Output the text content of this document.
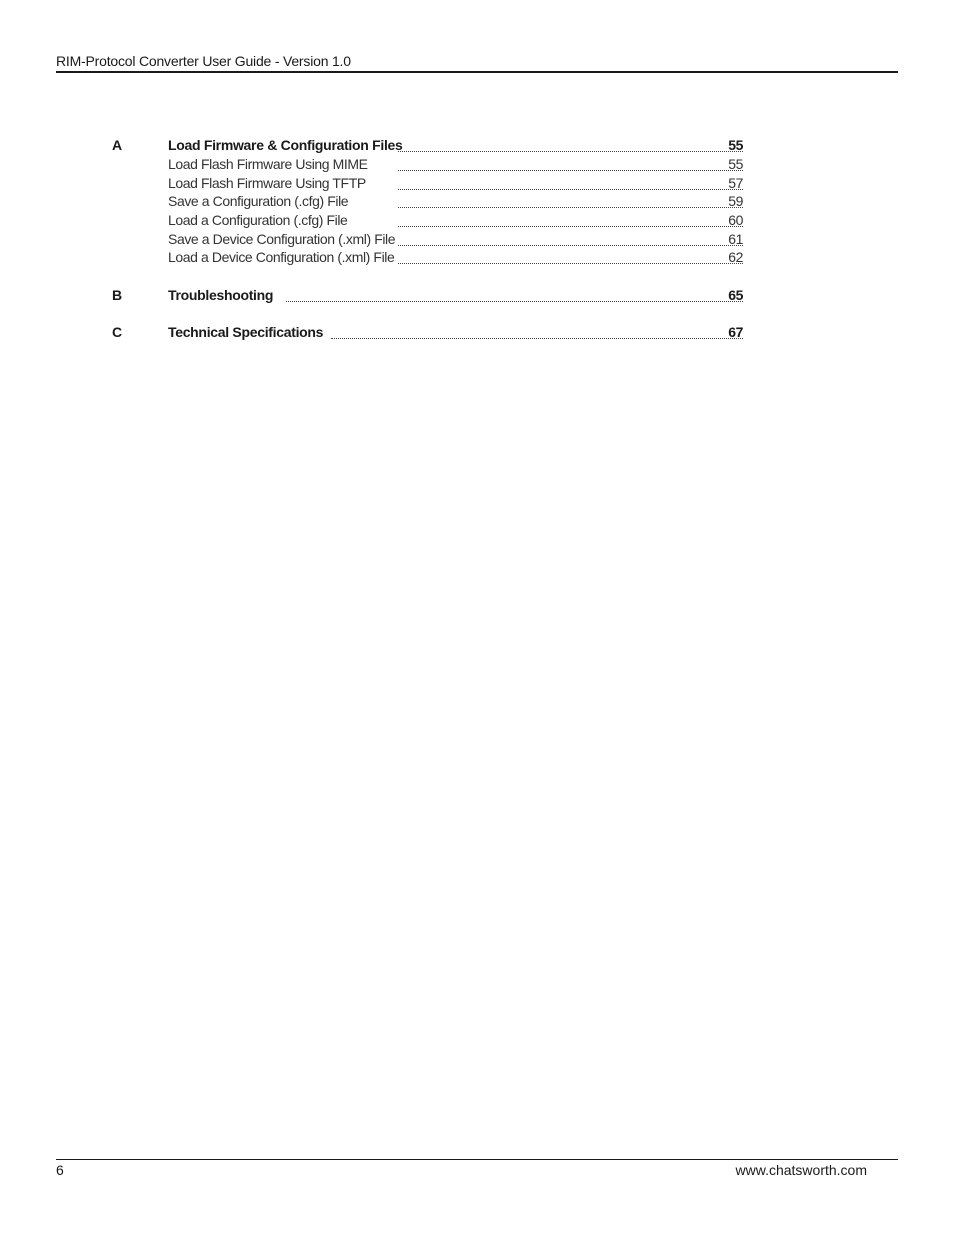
RIM-Protocol Converter User Guide - Version 1.0
A	Load Firmware & Configuration Files	55
Load Flash Firmware Using MIME	55
Load Flash Firmware Using TFTP	57
Save a Configuration (.cfg) File	59
Load a Configuration (.cfg) File	60
Save a Device Configuration (.xml) File	61
Load a Device Configuration (.xml) File	62
B	Troubleshooting	65
C	Technical Specifications	67
6	www.chatsworth.com
